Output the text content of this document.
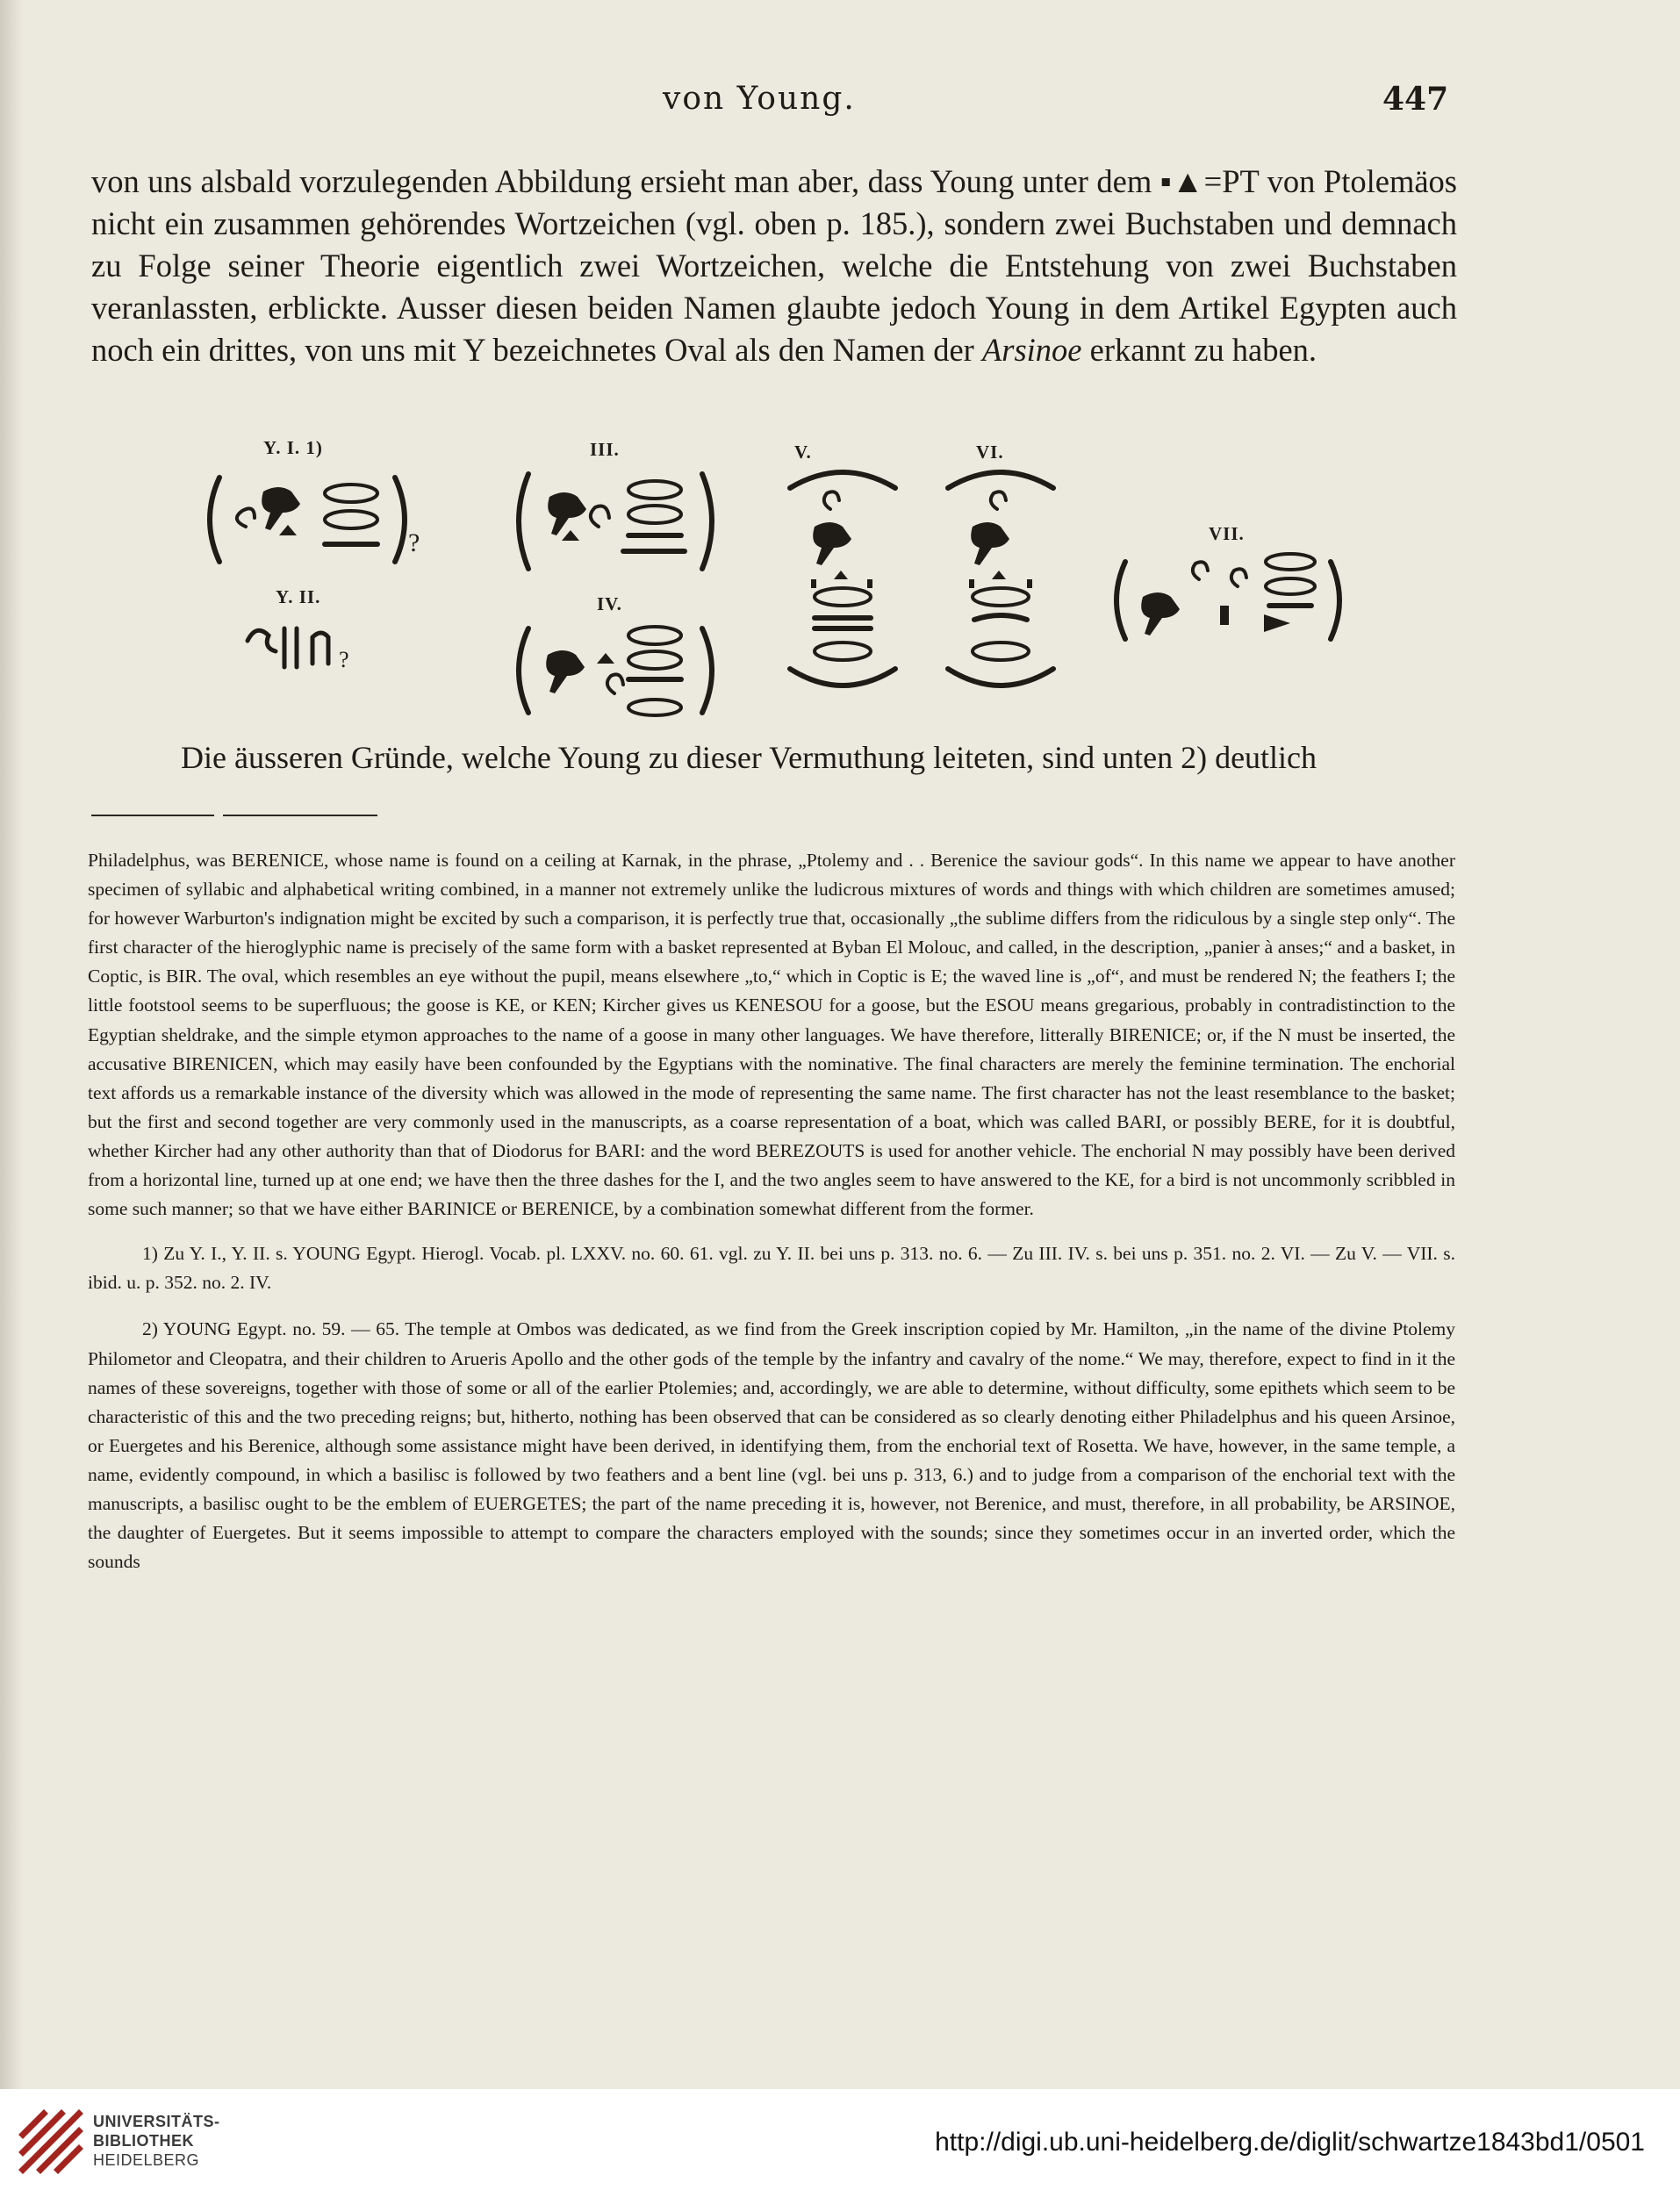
von Young.	447
von uns alsbald vorzulegenden Abbildung ersieht man aber, dass Young unter dem ▪▲=PT von Ptolemäos nicht ein zusammen gehörendes Wortzeichen (vgl. oben p. 185.), sondern zwei Buchstaben und demnach zu Folge seiner Theorie eigentlich zwei Wortzeichen, welche die Entstehung von zwei Buchstaben veranlassten, erblickte. Ausser diesen beiden Namen glaubte jedoch Young in dem Artikel Egypten auch noch ein drittes, von uns mit Y bezeichnetes Oval als den Namen der Arsinoe erkannt zu haben.
Y. I. 1)
Y. II.
III.
IV.
V.	VI.
VII.
?
?
Die äusseren Gründe, welche Young zu dieser Vermuthung leiteten, sind unten 2) deutlich

Philadelphus, was BERENICE, whose name is found on a ceiling at Karnak, in the phrase, „Ptolemy and . . Berenice the saviour gods“. In this name we appear to have another specimen of syllabic and alphabetical writing combined, in a manner not extremely unlike the ludicrous mixtures of words and things with which children are sometimes amused; for however Warburton's indignation might be excited by such a comparison, it is perfectly true that, occasionally „the sublime differs from the ridiculous by a single step only“. The first character of the hieroglyphic name is precisely of the same form with a basket represented at Byban El Molouc, and called, in the description, „panier à anses;“ and a basket, in Coptic, is BIR. The oval, which resembles an eye without the pupil, means elsewhere „to,“ which in Coptic is E; the waved line is „of“, and must be rendered N; the feathers I; the little footstool seems to be superfluous; the goose is KE, or KEN; Kircher gives us KENESOU for a goose, but the ESOU means gregarious, probably in contradistinction to the Egyptian sheldrake, and the simple etymon approaches to the name of a goose in many other languages. We have therefore, litterally BIRENICE; or, if the N must be inserted, the accusative BIRENICEN, which may easily have been confounded by the Egyptians with the nominative. The final characters are merely the feminine termination. The enchorial text affords us a remarkable instance of the diversity which was allowed in the mode of representing the same name. The first character has not the least resemblance to the basket; but the first and second together are very commonly used in the manuscripts, as a coarse representation of a boat, which was called BARI, or possibly BERE, for it is doubtful, whether Kircher had any other authority than that of Diodorus for BARI: and the word BEREZOUTS is used for another vehicle. The enchorial N may possibly have been derived from a horizontal line, turned up at one end; we have then the three dashes for the I, and the two angles seem to have answered to the KE, for a bird is not uncommonly scribbled in some such manner; so that we have either BARINICE or BERENICE, by a combination somewhat different from the former.

1) Zu Y. I., Y. II. s. YOUNG Egypt. Hierogl. Vocab. pl. LXXV. no. 60. 61. vgl. zu Y. II. bei uns p. 313. no. 6. — Zu III. IV. s. bei uns p. 351. no. 2. VI. — Zu V. — VII. s. ibid. u. p. 352. no. 2. IV.

2) YOUNG Egypt. no. 59. — 65. The temple at Ombos was dedicated, as we find from the Greek inscription copied by Mr. Hamilton, „in the name of the divine Ptolemy Philometor and Cleopatra, and their children to Arueris Apollo and the other gods of the temple by the infantry and cavalry of the nome.“ We may, therefore, expect to find in it the names of these sovereigns, together with those of some or all of the earlier Ptolemies; and, accordingly, we are able to determine, without difficulty, some epithets which seem to be characteristic of this and the two preceding reigns; but, hitherto, nothing has been observed that can be considered as so clearly denoting either Philadelphus and his queen Arsinoe, or Euergetes and his Berenice, although some assistance might have been derived, in identifying them, from the enchorial text of Rosetta. We have, however, in the same temple, a name, evidently compound, in which a basilisc is followed by two feathers and a bent line (vgl. bei uns p. 313, 6.) and to judge from a comparison of the enchorial text with the manuscripts, a basilisc ought to be the emblem of EUERGETES; the part of the name preceding it is, however, not Berenice, and must, therefore, in all probability, be ARSINOE, the daughter of Euergetes. But it seems impossible to attempt to compare the characters employed with the sounds; since they sometimes occur in an inverted order, which the sounds

UNIVERSITÄTS-
BIBLIOTHEK
HEIDELBERG
http://digi.ub.uni-heidelberg.de/diglit/schwartze1843bd1/0501
